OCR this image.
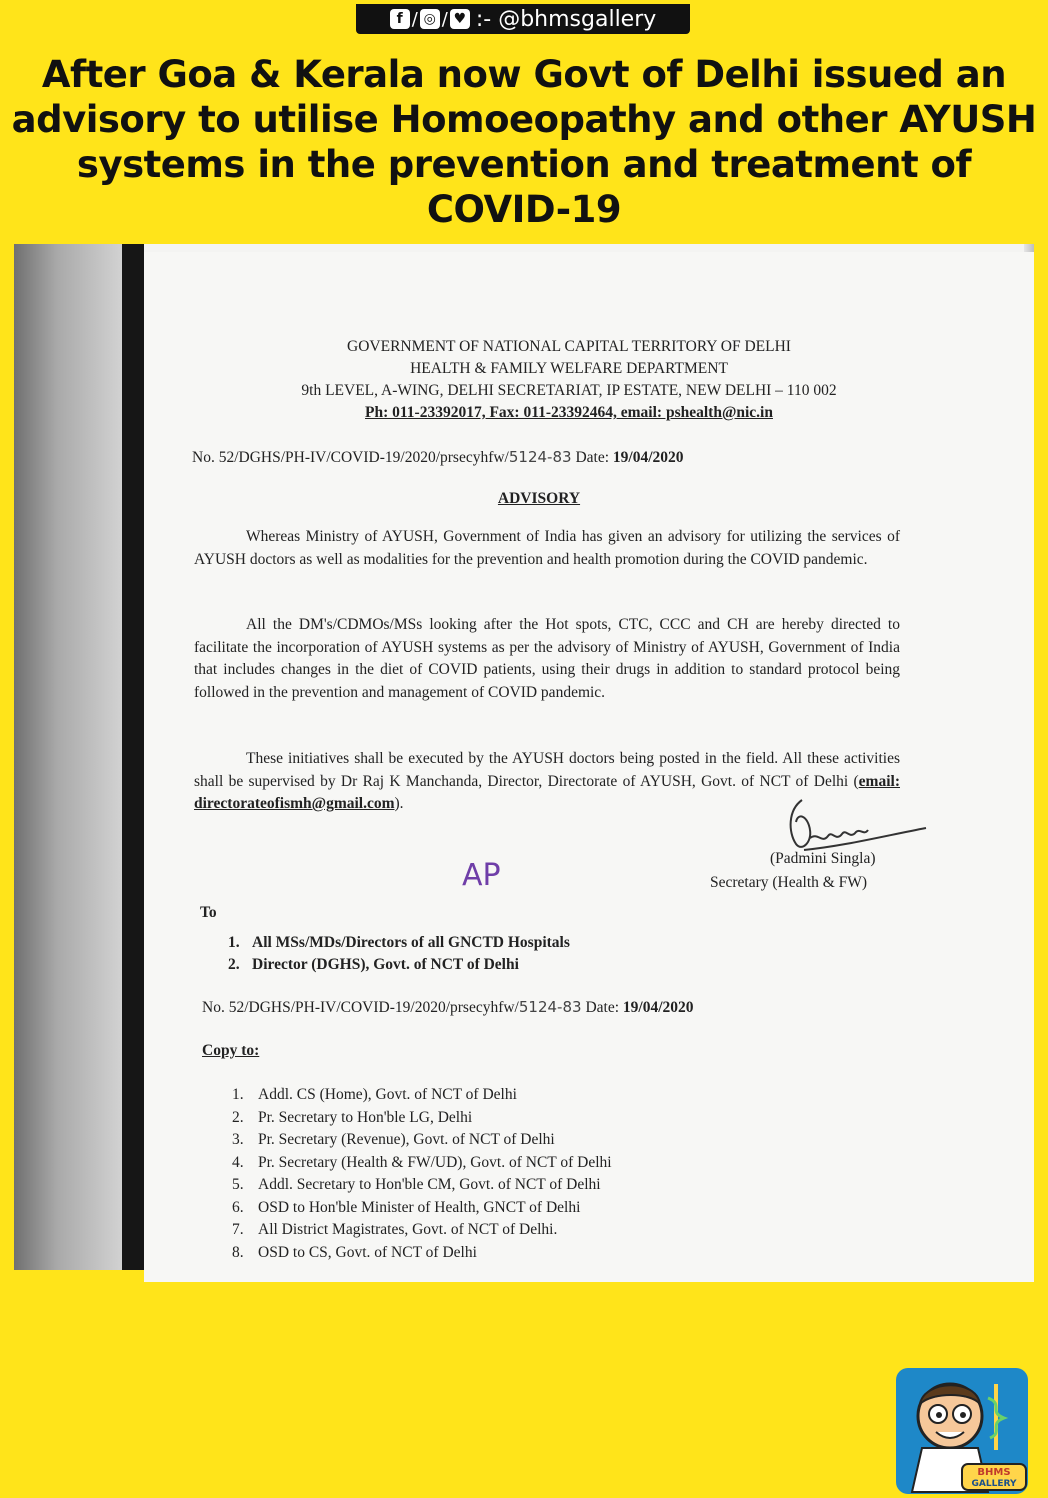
f / ◎ / ♥ :- @bhmsgallery
After Goa & Kerala now Govt of Delhi issued an
advisory to utilise Homoeopathy and other AYUSH
systems in the prevention and treatment of
COVID-19
GOVERNMENT OF NATIONAL CAPITAL TERRITORY OF DELHI
HEALTH & FAMILY WELFARE DEPARTMENT
9th LEVEL, A-WING, DELHI SECRETARIAT, IP ESTATE, NEW DELHI – 110 002
Ph: 011-23392017, Fax: 011-23392464, email: pshealth@nic.in
No. 52/DGHS/PH-IV/COVID-19/2020/prsecyhfw/5124-83 Date: 19/04/2020
ADVISORY
Whereas Ministry of AYUSH, Government of India has given an advisory for utilizing the services of AYUSH doctors as well as modalities for the prevention and health promotion during the COVID pandemic.
All the DM's/CDMOs/MSs looking after the Hot spots, CTC, CCC and CH are hereby directed to facilitate the incorporation of AYUSH systems as per the advisory of Ministry of AYUSH, Government of India that includes changes in the diet of COVID patients, using their drugs in addition to standard protocol being followed in the prevention and management of COVID pandemic.
These initiatives shall be executed by the AYUSH doctors being posted in the field. All these activities shall be supervised by Dr Raj K Manchanda, Director, Directorate of AYUSH, Govt. of NCT of Delhi (email: directorateofismh@gmail.com).
(Padmini Singla)
Secretary (Health & FW)
AP
To
1. All MSs/MDs/Directors of all GNCTD Hospitals
2. Director (DGHS), Govt. of NCT of Delhi
No. 52/DGHS/PH-IV/COVID-19/2020/prsecyhfw/5124-83 Date: 19/04/2020
Copy to:
1. Addl. CS (Home), Govt. of NCT of Delhi
2. Pr. Secretary to Hon'ble LG, Delhi
3. Pr. Secretary (Revenue), Govt. of NCT of Delhi
4. Pr. Secretary (Health & FW/UD), Govt. of NCT of Delhi
5. Addl. Secretary to Hon'ble CM, Govt. of NCT of Delhi
6. OSD to Hon'ble Minister of Health, GNCT of Delhi
7. All District Magistrates, Govt. of NCT of Delhi.
8. OSD to CS, Govt. of NCT of Delhi
BHMS
GALLERY
